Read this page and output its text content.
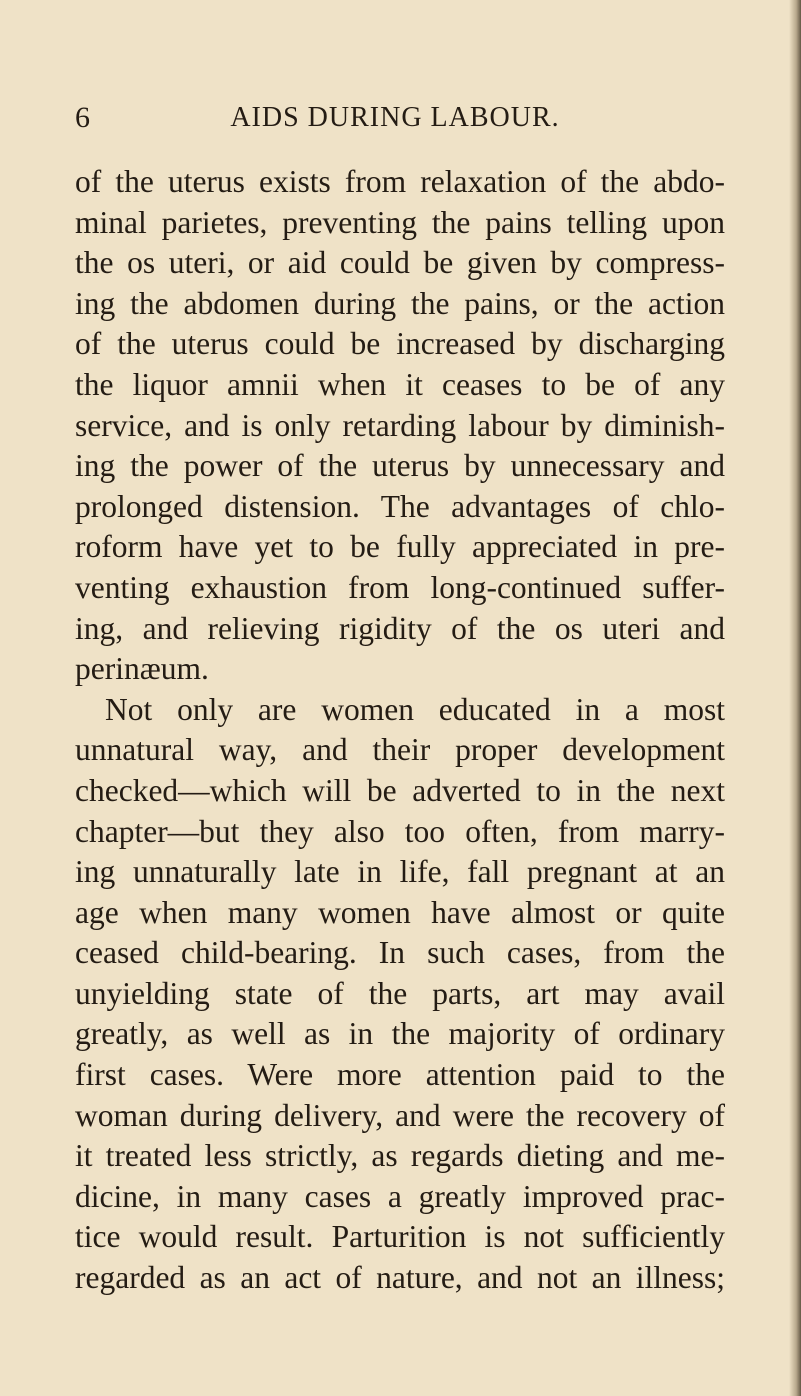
6	AIDS DURING LABOUR.
of the uterus exists from relaxation of the abdo-
minal parietes, preventing the pains telling upon
the os uteri, or aid could be given by compress-
ing the abdomen during the pains, or the action
of the uterus could be increased by discharging
the liquor amnii when it ceases to be of any
service, and is only retarding labour by diminish-
ing the power of the uterus by unnecessary and
prolonged distension. The advantages of chlo-
roform have yet to be fully appreciated in pre-
venting exhaustion from long-continued suffer-
ing, and relieving rigidity of the os uteri and
perinæum.
Not only are women educated in a most
unnatural way, and their proper development
checked—which will be adverted to in the next
chapter—but they also too often, from marry-
ing unnaturally late in life, fall pregnant at an
age when many women have almost or quite
ceased child-bearing. In such cases, from the
unyielding state of the parts, art may avail
greatly, as well as in the majority of ordinary
first cases. Were more attention paid to the
woman during delivery, and were the recovery of
it treated less strictly, as regards dieting and me-
dicine, in many cases a greatly improved prac-
tice would result. Parturition is not sufficiently
regarded as an act of nature, and not an illness;
